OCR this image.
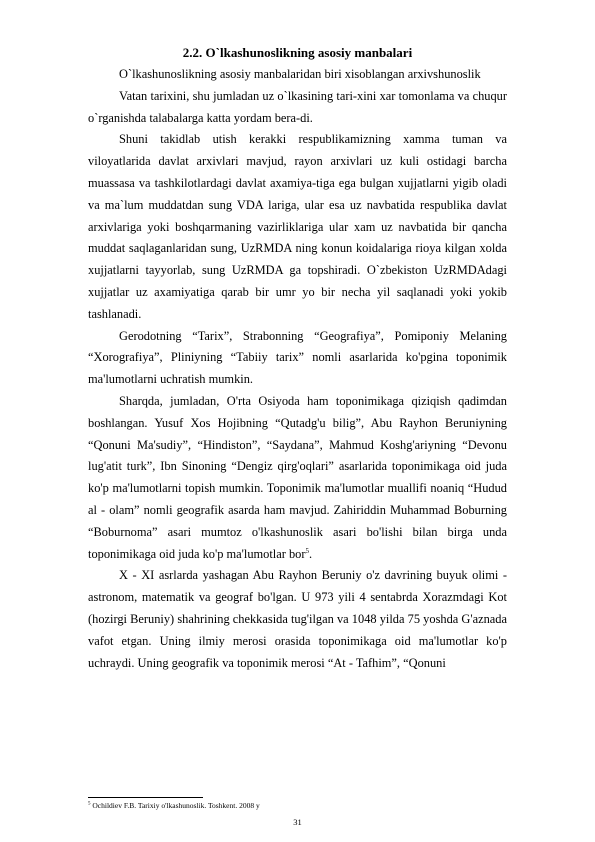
2.2. O`lkashunoslikning asosiy manbalari

O`lkashunoslikning asosiy manbalaridan biri xisoblangan arxivshunoslik

Vatan tarixini, shu jumladan uz o`lkasining tari-xini xar tomonlama va chuqur o`rganishda talabalarga katta yordam bera-di.

Shuni takidlab utish kerakki respublikamizning xamma tuman va viloyatlarida davlat arxivlari mavjud, rayon arxivlari uz kuli ostidagi barcha muassasa va tashkilotlardagi davlat axamiya-tiga ega bulgan xujjatlarni yigib oladi va ma`lum muddatdan sung VDA lariga, ular esa uz navbatida respublika davlat arxivlariga yoki boshqarmaning vazirliklariga ular xam uz navbatida bir qancha muddat saqlaganlaridan sung, UzRMDA ning konun koidalariga rioya kilgan xolda xujjatlarni tayyorlab, sung UzRMDA ga topshiradi. O`zbekiston UzRMDAdagi xujjatlar uz axamiyatiga qarab bir umr yo bir necha yil saqlanadi yoki yokib tashlanadi.

Gerodotning “Tarix”, Strabonning “Geografiya”, Pomiponiy Melaning “Xorografiya”, Pliniyning “Tabiiy tarix” nomli asarlarida ko'pgina toponimik ma'lumotlarni uchratish mumkin.

Sharqda, jumladan, O'rta Osiyoda ham toponimikaga qiziqish qadimdan boshlangan. Yusuf Xos Hojibning “Qutadg'u bilig”, Abu Rayhon Beruniyning “Qonuni Ma'sudiy”, “Hindiston”, “Saydana”, Mahmud Koshg'ariyning “Devonu lug'atit turk”, Ibn Sinoning “Dengiz qirg'oqlari” asarlarida toponimikaga oid juda ko'p ma'lumotlarni topish mumkin. Toponimik ma'lumotlar muallifi noaniq “Hudud al - olam” nomli geografik asarda ham mavjud. Zahiriddin Muhammad Boburning “Boburnoma” asari mumtoz o'lkashunoslik asari bo'lishi bilan birga unda toponimikaga oid juda ko'p ma'lumotlar bor$^5$.

X - XI asrlarda yashagan Abu Rayhon Beruniy o'z davrining buyuk olimi - astronom, matematik va geograf bo'lgan. U 973 yili 4 sentabrda Xorazmdagi Kot (hozirgi Beruniy) shahrining chekkasida tug'ilgan va 1048 yilda 75 yoshda G'aznada vafot etgan. Uning ilmiy merosi orasida toponimikaga oid ma'lumotlar ko'p uchraydi. Uning geografik va toponimik merosi “At - Tafhim”, “Qonuni

$^5$ Ochildiev F.B. Tarixiy o'lkashunoslik. Toshkent. 2008 y
31
